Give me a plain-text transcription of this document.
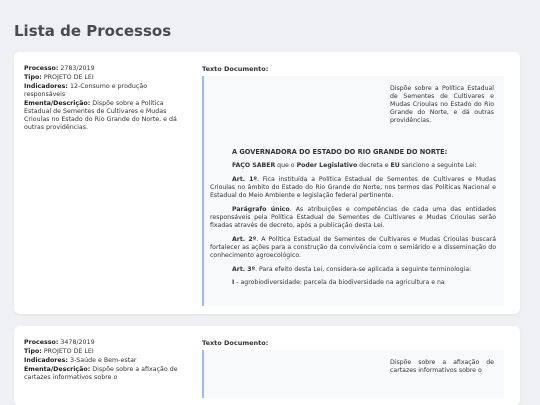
Lista de Processos
Processo: 2783/2019
Tipo: PROJETO DE LEI
Indicadores: 12-Consumo e produção responsáveis
Ementa/Descrição: Dispõe sobre a Política Estadual de Sementes de Cultivares e Mudas Crioulas no Estado do Rio Grande do Norte, e dá outras providências.
Texto Documento:
Dispõe sobre a Política Estadual de Sementes de Cultivares e Mudas Crioulas no Estado do Rio Grande do Norte, e dá outras providências.

A GOVERNADORA DO ESTADO DO RIO GRANDE DO NORTE:

FAÇO SABER que o Poder Legislativo decreta e EU sanciono a seguinte Lei:

Art. 1º. Fica instituída a Política Estadual de Sementes de Cultivares e Mudas Crioulas no âmbito do Estado do Rio Grande do Norte, nos termos das Políticas Nacional e Estadual do Meio Ambiente e legislação federal pertinente.

Parágrafo único. As atribuições e competências de cada uma das entidades responsáveis pela Política Estadual de Sementes de Cultivares e Mudas Crioulas serão fixadas através de decreto, após a publicação desta Lei.

Art. 2º. A Política Estadual de Sementes de Cultivares e Mudas Crioulas buscará fortalecer as ações para a construção da convivência com o semiárido e a disseminação do conhecimento agroecológico.

Art. 3º. Para efeito desta Lei, considera-se aplicada a seguinte terminologia:

I - agrobiodiversidade: parcela da biodiversidade na agricultura e na

Processo: 3478/2019
Tipo: PROJETO DE LEI
Indicadores: 3-Saúde e Bem-estar
Ementa/Descrição: Dispõe sobre a afixação de cartazes informativos sobre o
Texto Documento:
Dispõe sobre a afixação de cartazes informativos sobre o
